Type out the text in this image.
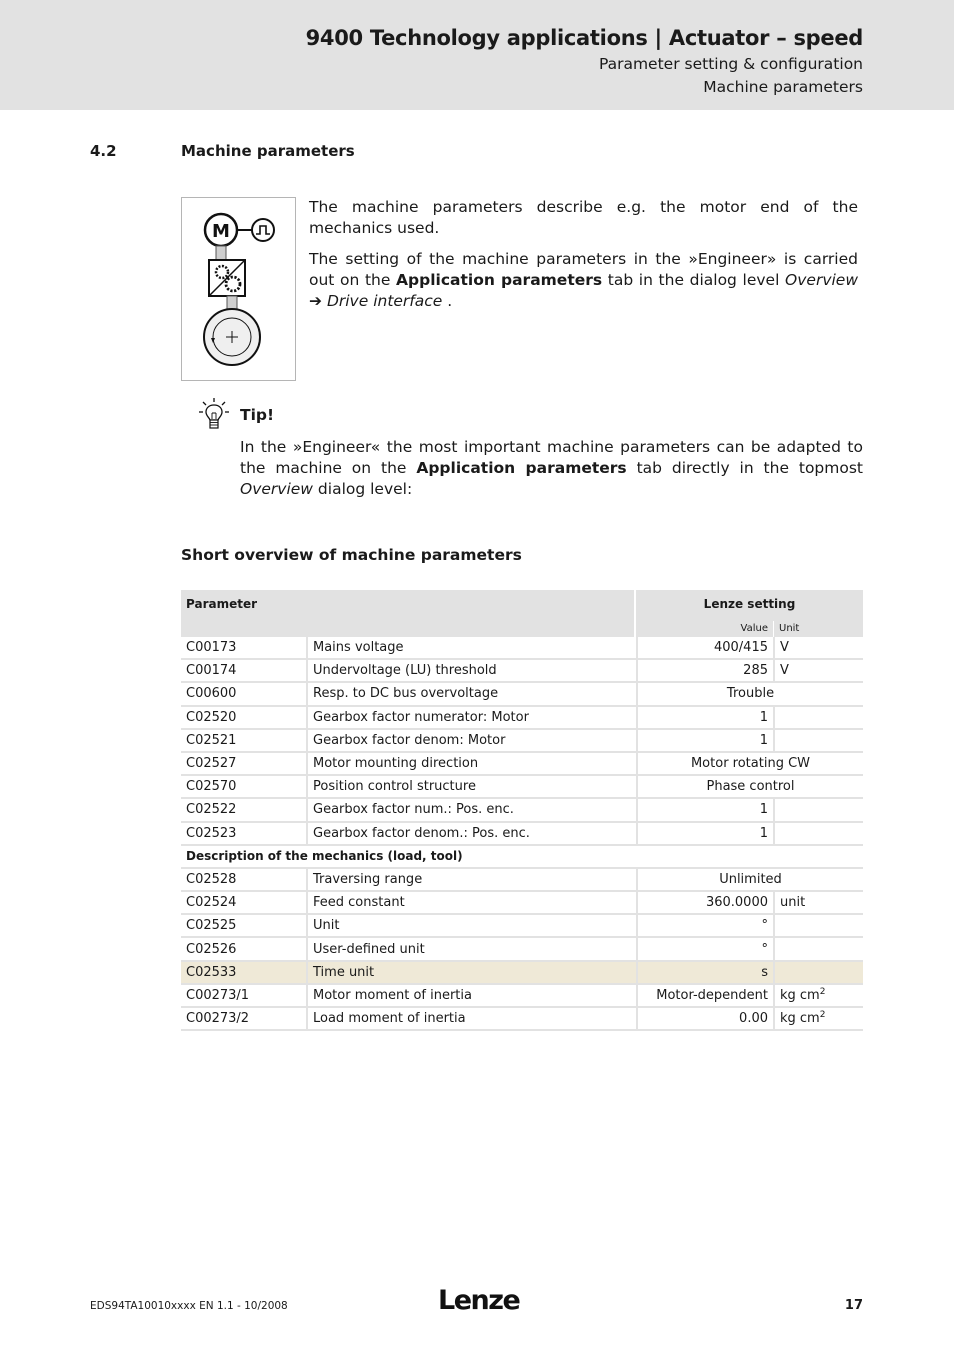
9400 Technology applications | Actuator – speed
Parameter setting & configuration
Machine parameters
4.2	Machine parameters
M

The machine parameters describe e.g. the motor end of the mechanics used.

The setting of the machine parameters in the »Engineer» is carried out on the Application parameters tab in the dialog level Overview ➔ Drive interface .

Tip!
In the »Engineer« the most important machine parameters can be adapted to the machine on the Application parameters tab directly in the topmost Overview dialog level:
Short overview of machine parameters
Parameter		Lenze setting	
		Value	Unit
C00173	Mains voltage	400/415	V
C00174	Undervoltage (LU) threshold	285	V
C00600	Resp. to DC bus overvoltage	Trouble	
C02520	Gearbox factor numerator: Motor	1	
C02521	Gearbox factor denom: Motor	1	
C02527	Motor mounting direction	Motor rotating CW	
C02570	Position control structure	Phase control	
C02522	Gearbox factor num.: Pos. enc.	1	
C02523	Gearbox factor denom.: Pos. enc.	1	
Description of the mechanics (load, tool)			
C02528	Traversing range	Unlimited	
C02524	Feed constant	360.0000	unit
C02525	Unit	°	
C02526	User-defined unit	°	
C02533	Time unit	s	
C00273/1	Motor moment of inertia	Motor-dependent	kg $cm^2$
C00273/2	Load moment of inertia	0.00	kg $cm^2$
EDS94TA10010xxxx EN 1.1 - 10/2008	Lenze	17
